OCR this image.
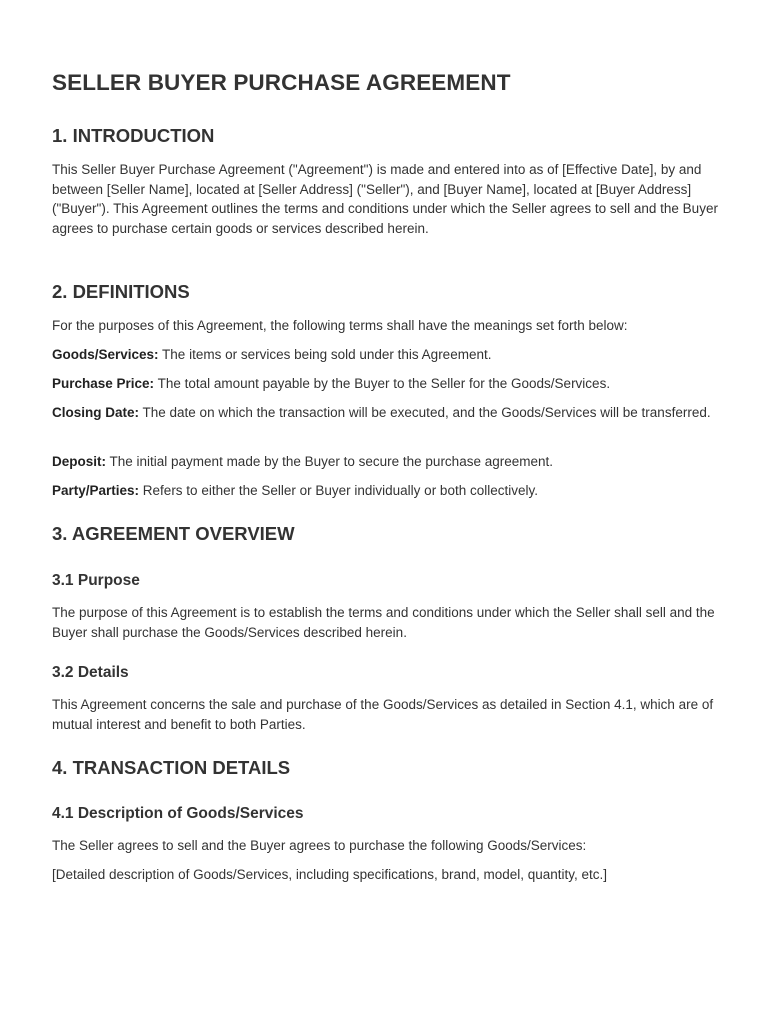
SELLER BUYER PURCHASE AGREEMENT
1. INTRODUCTION

This Seller Buyer Purchase Agreement ("Agreement") is made and entered into as of [Effective Date], by and between [Seller Name], located at [Seller Address] ("Seller"), and [Buyer Name], located at [Buyer Address] ("Buyer"). This Agreement outlines the terms and conditions under which the Seller agrees to sell and the Buyer agrees to purchase certain goods or services described herein.

2. DEFINITIONS

For the purposes of this Agreement, the following terms shall have the meanings set forth below:

Goods/Services: The items or services being sold under this Agreement.

Purchase Price: The total amount payable by the Buyer to the Seller for the Goods/Services.

Closing Date: The date on which the transaction will be executed, and the Goods/Services will be transferred.

Deposit: The initial payment made by the Buyer to secure the purchase agreement.

Party/Parties: Refers to either the Seller or Buyer individually or both collectively.

3. AGREEMENT OVERVIEW
3.1 Purpose

The purpose of this Agreement is to establish the terms and conditions under which the Seller shall sell and the Buyer shall purchase the Goods/Services described herein.

3.2 Details

This Agreement concerns the sale and purchase of the Goods/Services as detailed in Section 4.1, which are of mutual interest and benefit to both Parties.

4. TRANSACTION DETAILS
4.1 Description of Goods/Services

The Seller agrees to sell and the Buyer agrees to purchase the following Goods/Services:

[Detailed description of Goods/Services, including specifications, brand, model, quantity, etc.]
